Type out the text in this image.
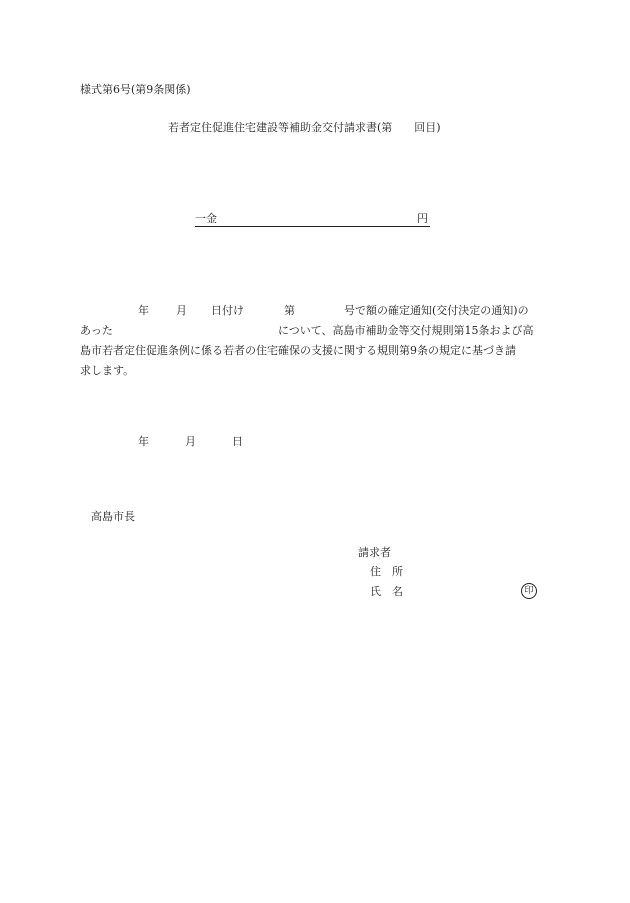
様式第6号(第9条関係)
若者定住促進住宅建設等補助金交付請求書(第　　回目)
一金	円
年 月 日付け	第	号で額の確定通知(交付決定の通知)の
あった	について、高島市補助金等交付規則第15条および高
島市若者定住促進条例に係る若者の住宅確保の支援に関する規則第9条の規定に基づき請
求します。
年	月	日
高島市長
請求者
住　所
氏　名	印
